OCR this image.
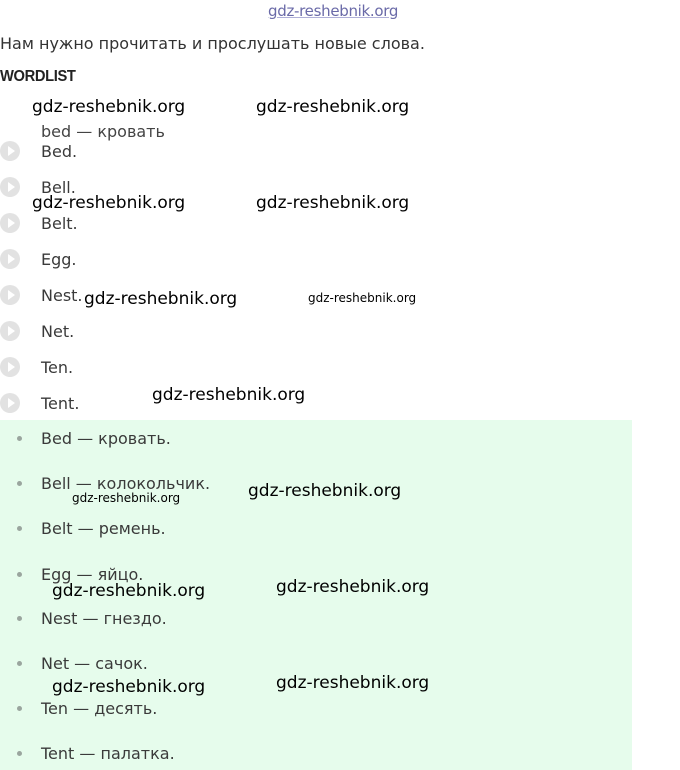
gdz-reshebnik.org
Нам нужно прочитать и прослушать новые слова.
WORDLIST
bed — кровать
Bed.
Bell.
Belt.
Egg.
Nest.
Net.
Ten.
Tent.
Bed — кровать.
Bell — колокольчик.
Belt — ремень.
Egg — яйцо.
Nest — гнездо.
Net — сачок.
Ten — десять.
Tent — палатка.
gdz-reshebnik.org	gdz-reshebnik.org
gdz-reshebnik.org	gdz-reshebnik.org
gdz-reshebnik.org	gdz-reshebnik.org
gdz-reshebnik.org
gdz-reshebnik.org	gdz-reshebnik.org
gdz-reshebnik.org	gdz-reshebnik.org
gdz-reshebnik.org	gdz-reshebnik.org
